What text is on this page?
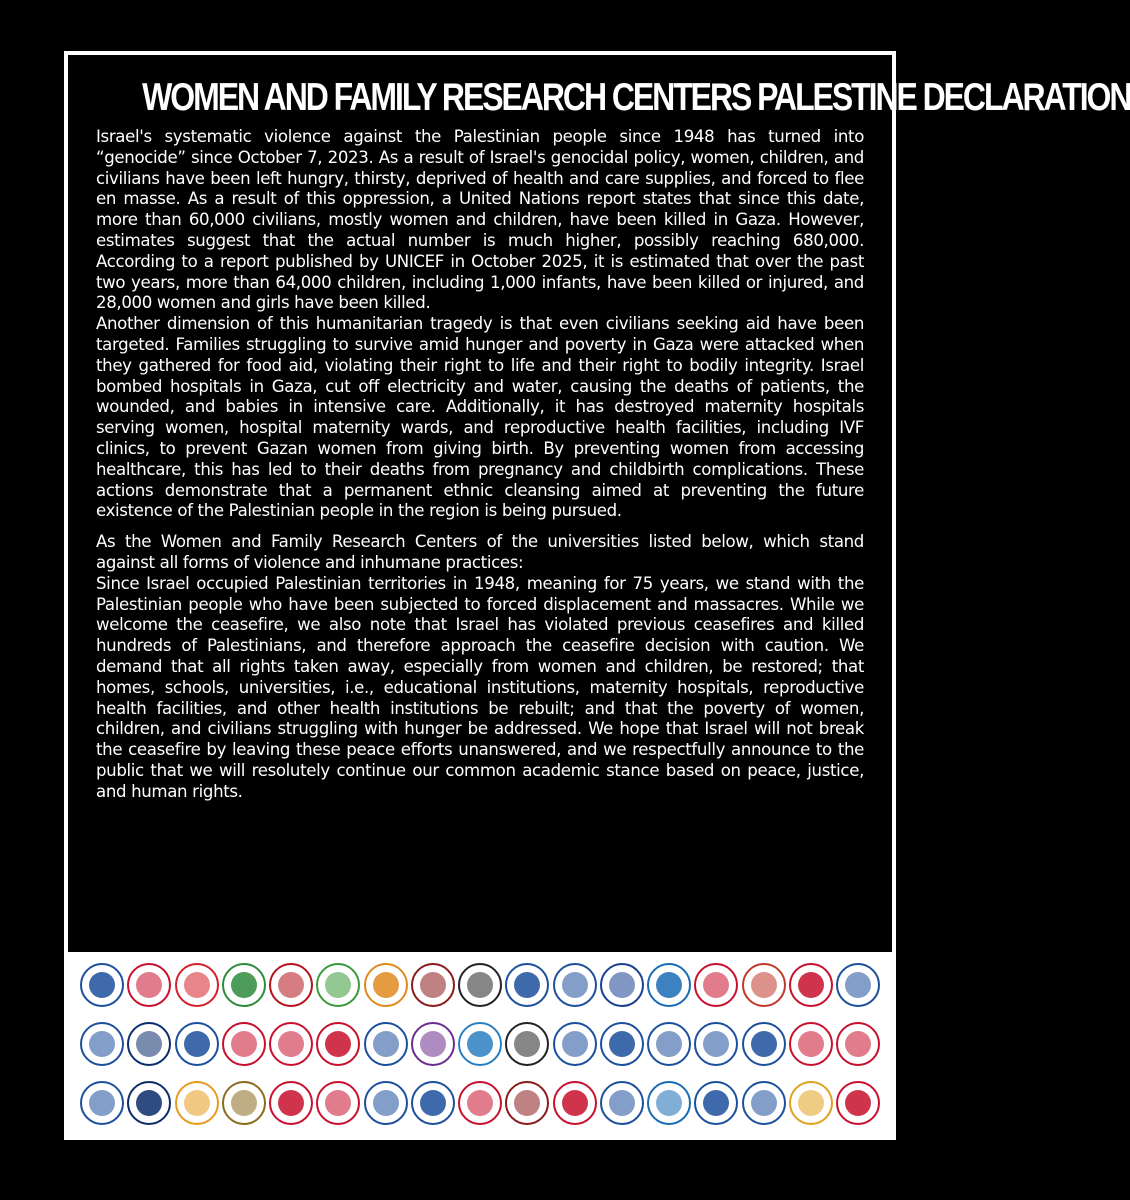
WOMEN AND FAMILY RESEARCH CENTERS PALESTINE DECLARATION

Israel's systematic violence against the Palestinian people since 1948 has turned into “genocide” since October 7, 2023. As a result of Israel's genocidal policy, women, children, and civilians have been left hungry, thirsty, deprived of health and care supplies, and forced to flee en masse. As a result of this oppression, a United Nations report states that since this date, more than 60,000 civilians, mostly women and children, have been killed in Gaza. However, estimates suggest that the actual number is much higher, possibly reaching 680,000. According to a report published by UNICEF in October 2025, it is estimated that over the past two years, more than 64,000 children, including 1,000 infants, have been killed or injured, and 28,000 women and girls have been killed.

Another dimension of this humanitarian tragedy is that even civilians seeking aid have been targeted. Families struggling to survive amid hunger and poverty in Gaza were attacked when they gathered for food aid, violating their right to life and their right to bodily integrity. Israel bombed hospitals in Gaza, cut off electricity and water, causing the deaths of patients, the wounded, and babies in intensive care. Additionally, it has destroyed maternity hospitals serving women, hospital maternity wards, and reproductive health facilities, including IVF clinics, to prevent Gazan women from giving birth. By preventing women from accessing healthcare, this has led to their deaths from pregnancy and childbirth complications. These actions demonstrate that a permanent ethnic cleansing aimed at preventing the future existence of the Palestinian people in the region is being pursued.

As the Women and Family Research Centers of the universities listed below, which stand against all forms of violence and inhumane practices:

Since Israel occupied Palestinian territories in 1948, meaning for 75 years, we stand with the Palestinian people who have been subjected to forced displacement and massacres. While we welcome the ceasefire, we also note that Israel has violated previous ceasefires and killed hundreds of Palestinians, and therefore approach the ceasefire decision with caution. We demand that all rights taken away, especially from women and children, be restored; that homes, schools, universities, i.e., educational institutions, maternity hospitals, reproductive health facilities, and other health institutions be rebuilt; and that the poverty of women, children, and civilians struggling with hunger be addressed. We hope that Israel will not break the ceasefire by leaving these peace efforts unanswered, and we respectfully announce to the public that we will resolutely continue our common academic stance based on peace, justice, and human rights.
